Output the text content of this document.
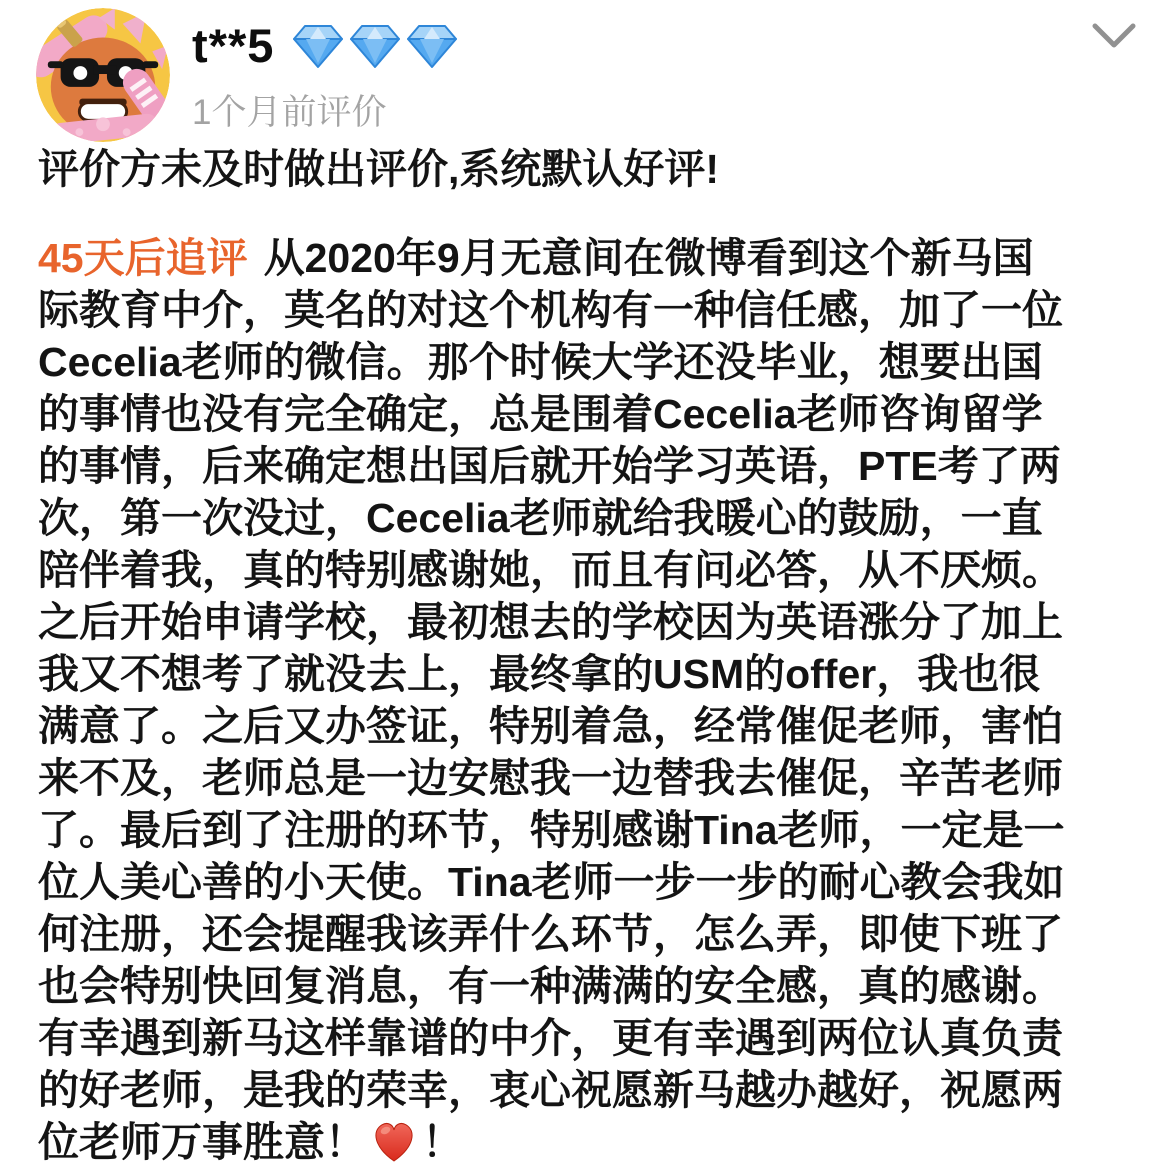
t**5
1个月前评价
评价方未及时做出评价,系统默认好评!
45天后追评 从2020年9月无意间在微博看到这个新马国
际教育中介，莫名的对这个机构有一种信任感，加了一位
Cecelia老师的微信。那个时候大学还没毕业，想要出国
的事情也没有完全确定，总是围着Cecelia老师咨询留学
的事情，后来确定想出国后就开始学习英语，PTE考了两
次，第一次没过，Cecelia老师就给我暖心的鼓励，一直
陪伴着我，真的特别感谢她，而且有问必答，从不厌烦。
之后开始申请学校，最初想去的学校因为英语涨分了加上
我又不想考了就没去上，最终拿的USM的offer，我也很
满意了。之后又办签证，特别着急，经常催促老师，害怕
来不及，老师总是一边安慰我一边替我去催促，辛苦老师
了。最后到了注册的环节，特别感谢Tina老师，一定是一
位人美心善的小天使。Tina老师一步一步的耐心教会我如
何注册，还会提醒我该弄什么环节，怎么弄，即使下班了
也会特别快回复消息，有一种满满的安全感，真的感谢。
有幸遇到新马这样靠谱的中介，更有幸遇到两位认真负责
的好老师，是我的荣幸，衷心祝愿新马越办越好，祝愿两
位老师万事胜意！ ！
